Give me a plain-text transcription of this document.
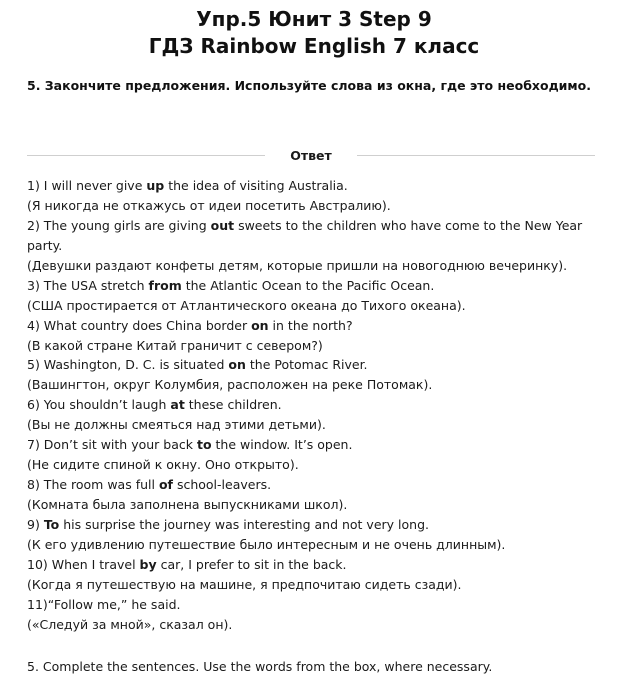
Упр.5 Юнит 3 Step 9
ГДЗ Rainbow English 7 класс
5. Закончите предложения. Используйте слова из окна, где это необходимо.
Ответ
1) I will never give up the idea of visiting Australia.
(Я никогда не откажусь от идеи посетить Австралию).
2) The young girls are giving out sweets to the children who have come to the New Year
party.
(Девушки раздают конфеты детям, которые пришли на новогоднюю вечеринку).
3) The USA stretch from the Atlantic Ocean to the Pacific Ocean.
(США простирается от Атлантического океана до Тихого океана).
4) What country does China border on in the north?
(В какой стране Китай граничит с севером?)
5) Washington, D. C. is situated on the Potomac River.
(Вашингтон, округ Колумбия, расположен на реке Потомак).
6) You shouldn’t laugh at these children.
(Вы не должны смеяться над этими детьми).
7) Don’t sit with your back to the window. It’s open.
(Не сидите спиной к окну. Оно открыто).
8) The room was full of school-leavers.
(Комната была заполнена выпускниками школ).
9) To his surprise the journey was interesting and not very long.
(К его удивлению путешествие было интересным и не очень длинным).
10) When I travel by car, I prefer to sit in the back.
(Когда я путешествую на машине, я предпочитаю сидеть сзади).
11)“Follow me,” he said.
(«Следуй за мной», сказал он).
5. Complete the sentences. Use the words from the box, where necessary.
